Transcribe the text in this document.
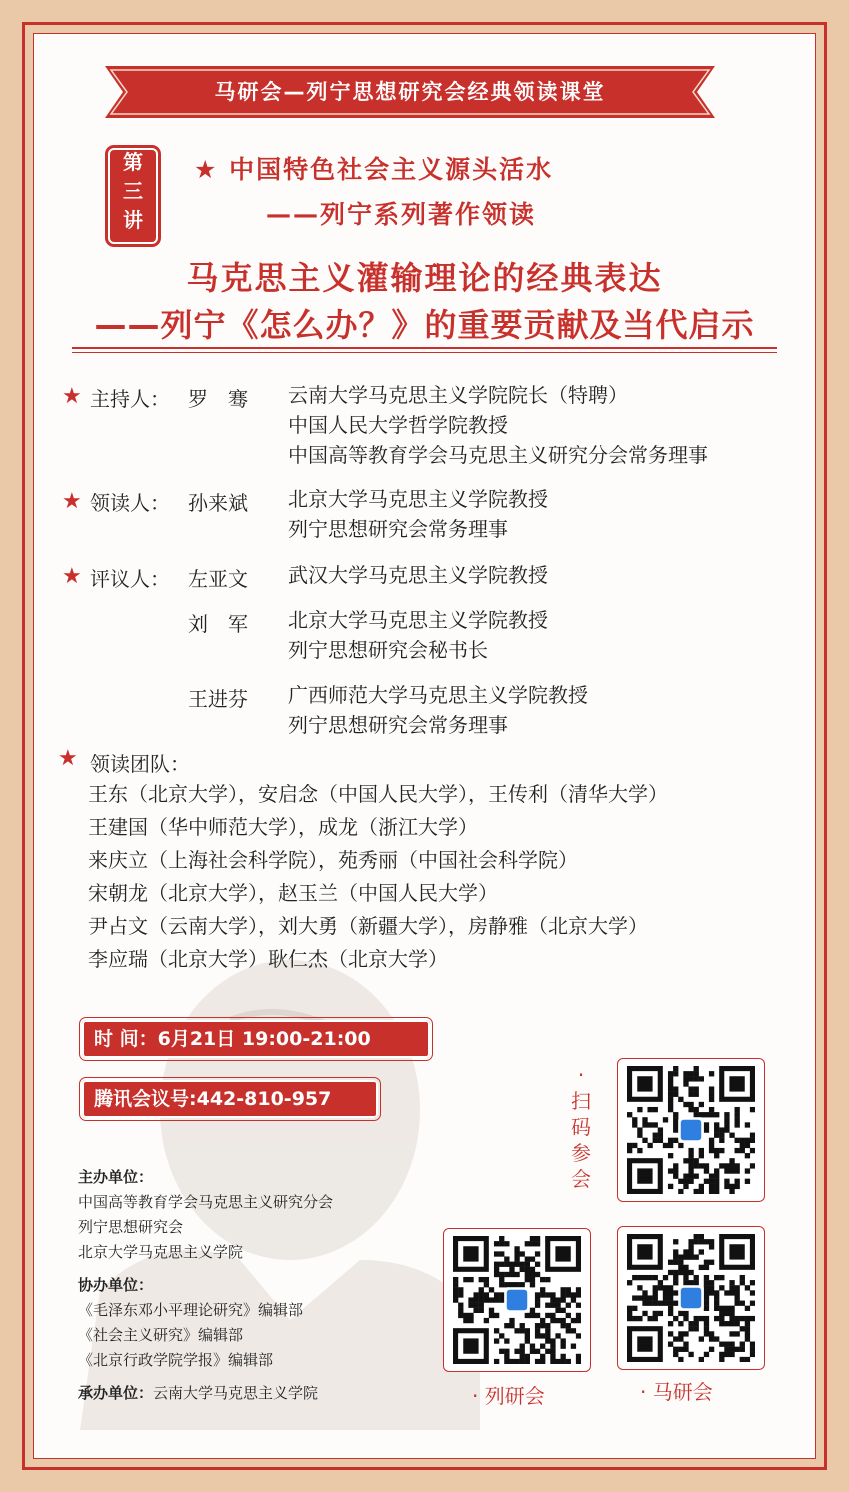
马研会—列宁思想研究会经典领读课堂
第
三
讲
★ 中国特色社会主义源头活水
——列宁系列著作领读
马克思主义灌输理论的经典表达
——列宁《怎么办？》的重要贡献及当代启示
★ 主持人： 罗　骞 云南大学马克思主义学院院长（特聘）
中国人民大学哲学院教授
中国高等教育学会马克思主义研究分会常务理事
★ 领读人： 孙来斌 北京大学马克思主义学院教授
列宁思想研究会常务理事
★ 评议人： 左亚文 武汉大学马克思主义学院教授
刘　军 北京大学马克思主义学院教授
列宁思想研究会秘书长
王进芬 广西师范大学马克思主义学院教授
列宁思想研究会常务理事
★ 领读团队：
王东（北京大学），安启念（中国人民大学），王传利（清华大学）
王建国（华中师范大学），成龙（浙江大学）
来庆立（上海社会科学院），苑秀丽（中国社会科学院）
宋朝龙（北京大学），赵玉兰（中国人民大学）
尹占文（云南大学），刘大勇（新疆大学），房静雅（北京大学）
李应瑞（北京大学）耿仁杰（北京大学）
时 间：6月21日 19:00-21:00
腾讯会议号:442-810-957
主办单位：
中国高等教育学会马克思主义研究分会
列宁思想研究会
北京大学马克思主义学院
协办单位：
《毛泽东邓小平理论研究》编辑部
《社会主义研究》编辑部
《北京行政学院学报》编辑部
承办单位：云南大学马克思主义学院
·
扫
码
参
会
· 列研会	· 马研会
